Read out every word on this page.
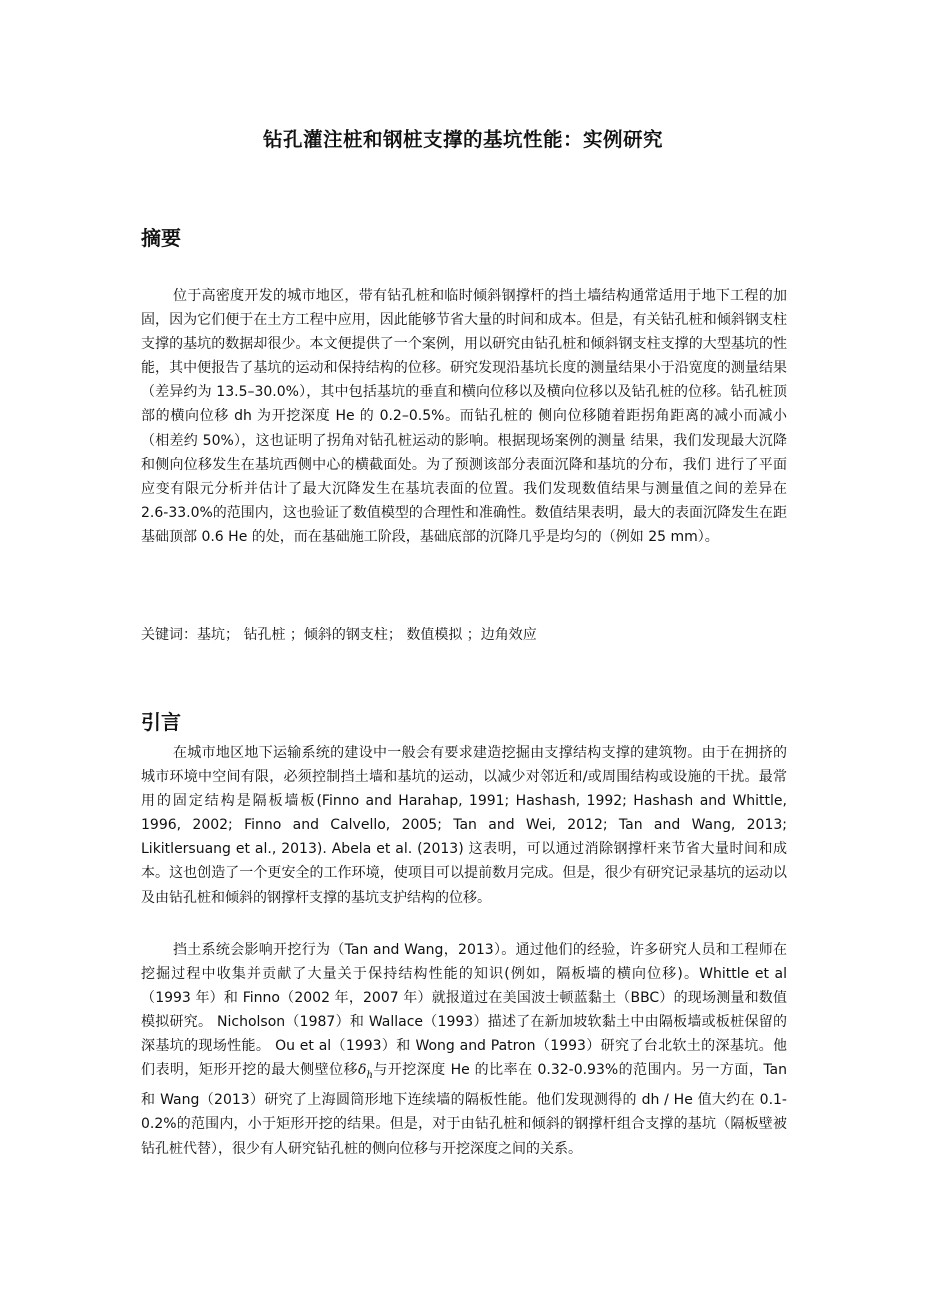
钻孔灌注桩和钢桩支撑的基坑性能：实例研究
摘要

位于高密度开发的城市地区，带有钻孔桩和临时倾斜钢撑杆的挡土墙结构通常适用于地下工程的加固，因为它们便于在土方工程中应用，因此能够节省大量的时间和成本。但是，有关钻孔桩和倾斜钢支柱支撑的基坑的数据却很少。本文便提供了一个案例，用以研究由钻孔桩和倾斜钢支柱支撑的大型基坑的性能，其中便报告了基坑的运动和保持结构的位移。研究发现沿基坑长度的测量结果小于沿宽度的测量结果（差异约为 13.5–30.0%），其中包括基坑的垂直和横向位移以及横向位移以及钻孔桩的位移。钻孔桩顶部的横向位移 dh 为开挖深度 He 的 0.2–0.5%。而钻孔桩的 侧向位移随着距拐角距离的减小而减小（相差约 50%），这也证明了拐角对钻孔桩运动的影响。根据现场案例的测量 结果，我们发现最大沉降和侧向位移发生在基坑西侧中心的横截面处。为了预测该部分表面沉降和基坑的分布，我们 进行了平面应变有限元分析并估计了最大沉降发生在基坑表面的位置。我们发现数值结果与测量值之间的差异在 2.6-33.0%的范围内，这也验证了数值模型的合理性和准确性。数值结果表明，最大的表面沉降发生在距基础顶部 0.6 He 的处，而在基础施工阶段，基础底部的沉降几乎是均匀的（例如 25 mm）。

关键词：基坑； 钻孔桩 ；倾斜的钢支柱； 数值模拟 ；边角效应
引言

在城市地区地下运输系统的建设中一般会有要求建造挖掘由支撑结构支撑的建筑物。由于在拥挤的城市环境中空间有限，必须控制挡土墙和基坑的运动，以减少对邻近和/或周围结构或设施的干扰。最常用的固定结构是隔板墙板(Finno and Harahap, 1991; Hashash, 1992; Hashash and Whittle, 1996, 2002; Finno and Calvello, 2005; Tan and Wei, 2012; Tan and Wang, 2013; Likitlersuang et al., 2013). Abela et al. (2013) 这表明，可以通过消除钢撑杆来节省大量时间和成本。这也创造了一个更安全的工作环境，使项目可以提前数月完成。但是，很少有研究记录基坑的运动以及由钻孔桩和倾斜的钢撑杆支撑的基坑支护结构的位移。

挡土系统会影响开挖行为（Tan and Wang，2013）。通过他们的经验，许多研究人员和工程师在挖掘过程中收集并贡献了大量关于保持结构性能的知识(例如，隔板墙的横向位移)。Whittle et al（1993 年）和 Finno（2002 年，2007 年）就报道过在美国波士顿蓝黏土（BBC）的现场测量和数值模拟研究。 Nicholson（1987）和 Wallace（1993）描述了在新加坡软黏土中由隔板墙或板桩保留的深基坑的现场性能。 Ou et al（1993）和 Wong and Patron（1993）研究了台北软土的深基坑。他们表明，矩形开挖的最大侧壁位移$\delta_h$与开挖深度 He 的比率在 0.32-0.93%的范围内。另一方面，Tan 和 Wang（2013）研究了上海圆筒形地下连续墙的隔板性能。他们发现测得的 dh / He 值大约在 0.1-0.2%的范围内，小于矩形开挖的结果。但是，对于由钻孔桩和倾斜的钢撑杆组合支撑的基坑（隔板壁被钻孔桩代替），很少有人研究钻孔桩的侧向位移与开挖深度之间的关系。
